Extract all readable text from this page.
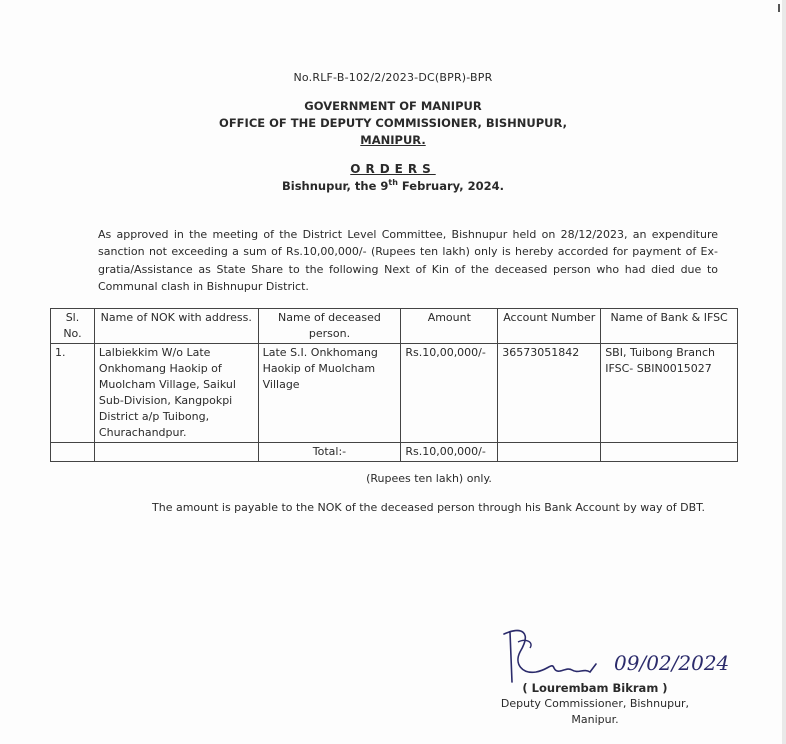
No.RLF-B-102/2/2023-DC(BPR)-BPR
GOVERNMENT OF MANIPUR
OFFICE OF THE DEPUTY COMMISSIONER, BISHNUPUR,
MANIPUR.
ORDERS
Bishnupur, the 9th February, 2024.
As approved in the meeting of the District Level Committee, Bishnupur held on 28/12/2023, an expenditure sanction not exceeding a sum of Rs.10,00,000/- (Rupees ten lakh) only is hereby accorded for payment of Ex-gratia/Assistance as State Share to the following Next of Kin of the deceased person who had died due to Communal clash in Bishnupur District.
Sl. No.	Name of NOK with address.	Name of deceased person.	Amount	Account Number	Name of Bank & IFSC
1.	Lalbiekkim W/o Late Onkhomang Haokip of Muolcham Village, Saikul Sub-Division, Kangpokpi District a/p Tuibong, Churachandpur.	Late S.I. Onkhomang Haokip of Muolcham Village	Rs.10,00,000/-	36573051842	SBI, Tuibong Branch
IFSC- SBIN0015027

		Total:-	Rs.10,00,000/-		
(Rupees ten lakh) only.
The amount is payable to the NOK of the deceased person through his Bank Account by way of DBT.
09/02/2024
( Lourembam Bikram )
Deputy Commissioner, Bishnupur,
Manipur.
